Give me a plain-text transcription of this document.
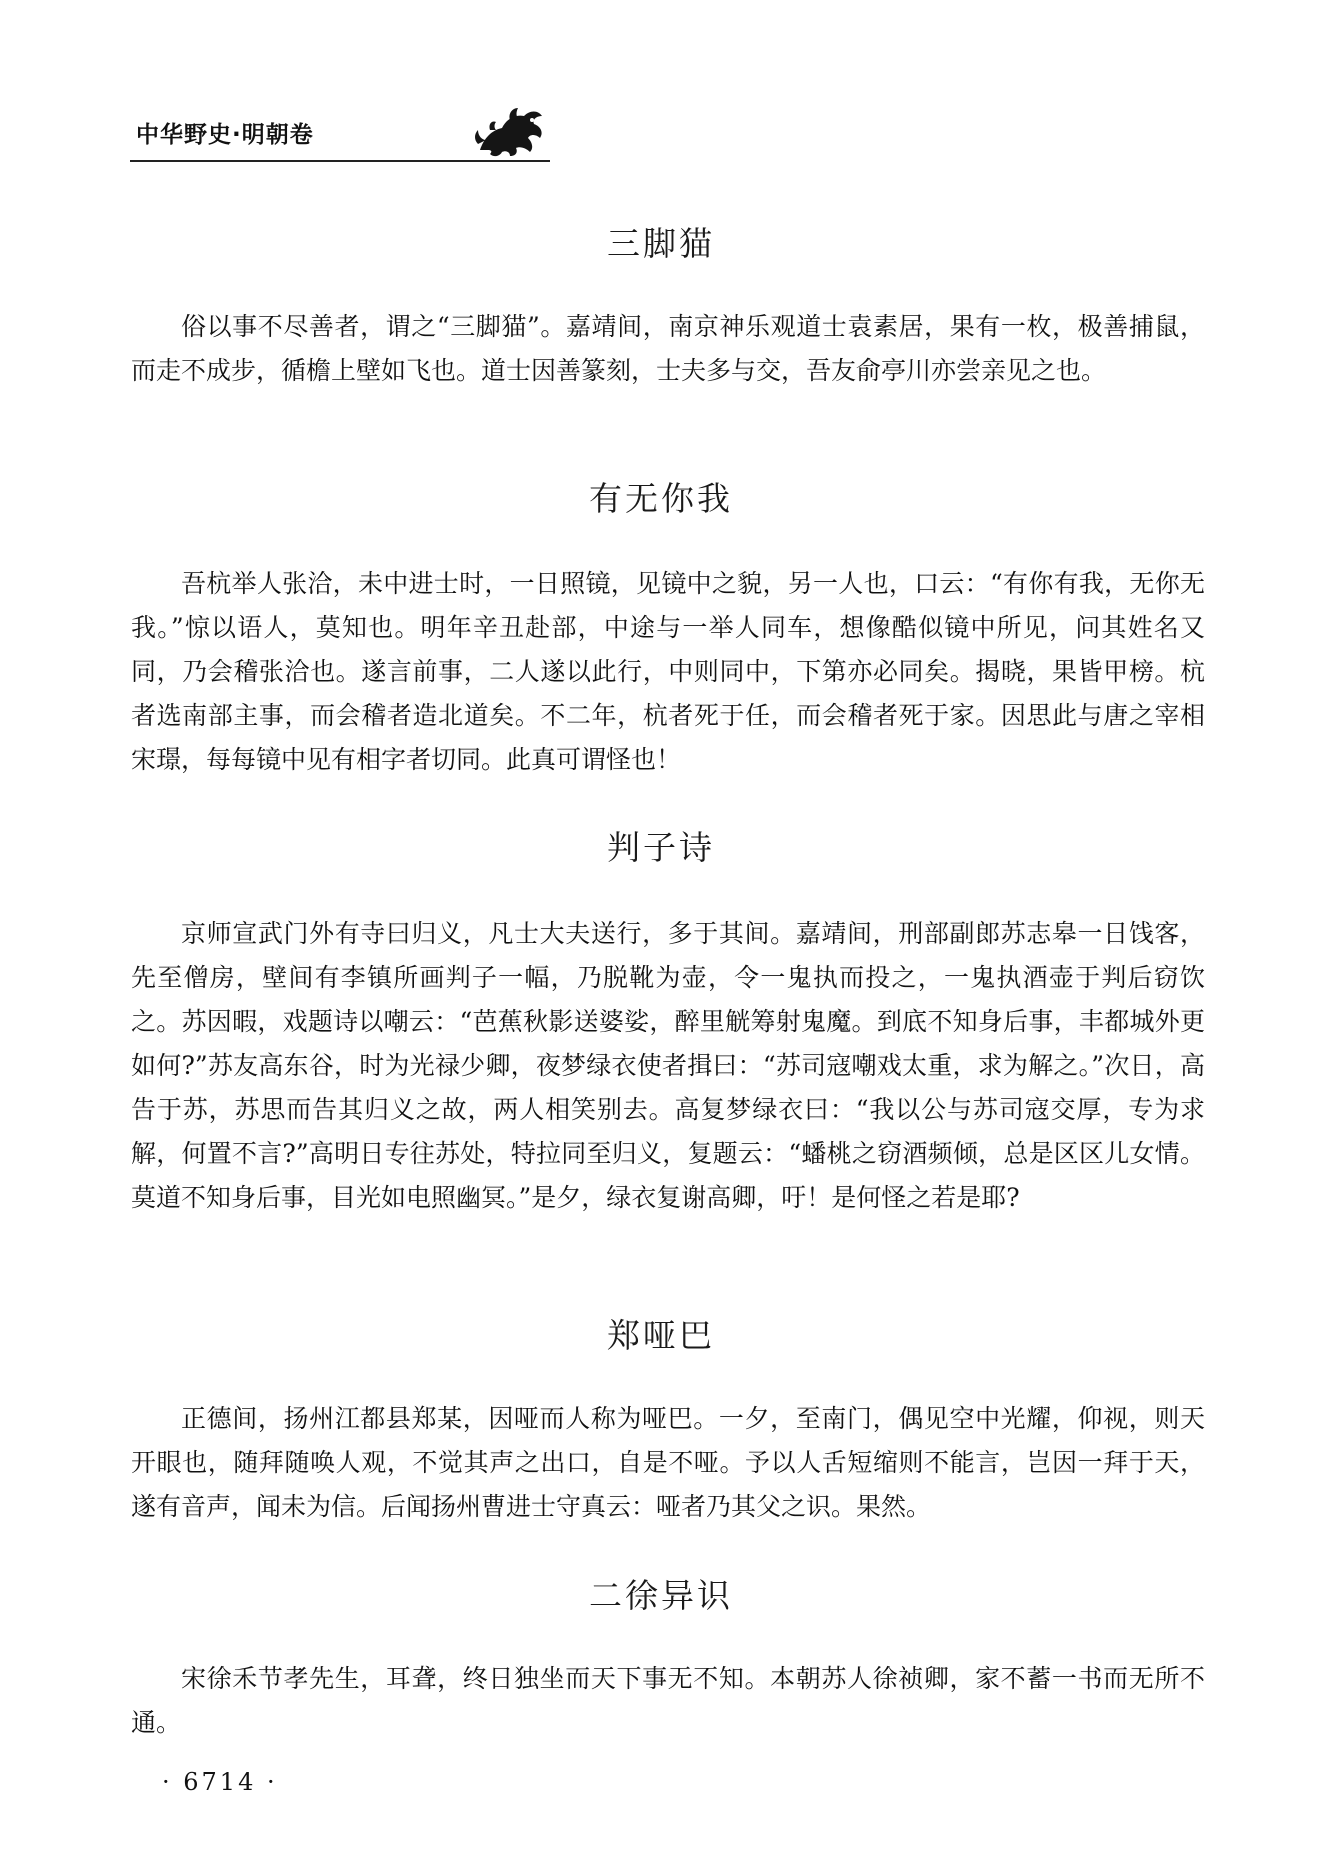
中华野史·明朝卷
三脚猫

俗以事不尽善者，谓之“三脚猫”。嘉靖间，南京神乐观道士袁素居，果有一枚，极善捕鼠，而走不成步，循檐上壁如飞也。道士因善篆刻，士夫多与交，吾友俞亭川亦尝亲见之也。

有无你我

吾杭举人张洽，未中进士时，一日照镜，见镜中之貌，另一人也，口云：“有你有我，无你无我。”惊以语人，莫知也。明年辛丑赴部，中途与一举人同车，想像酷似镜中所见，问其姓名又同，乃会稽张洽也。遂言前事，二人遂以此行，中则同中，下第亦必同矣。揭晓，果皆甲榜。杭者选南部主事，而会稽者造北道矣。不二年，杭者死于任，而会稽者死于家。因思此与唐之宰相宋璟，每每镜中见有相字者切同。此真可谓怪也！

判子诗

京师宣武门外有寺曰归义，凡士大夫送行，多于其间。嘉靖间，刑部副郎苏志皋一日饯客，先至僧房，壁间有李镇所画判子一幅，乃脱靴为壶，令一鬼执而投之，一鬼执酒壶于判后窃饮之。苏因暇，戏题诗以嘲云：“芭蕉秋影送婆娑，醉里觥筹射鬼魔。到底不知身后事，丰都城外更如何?”苏友高东谷，时为光禄少卿，夜梦绿衣使者揖曰：“苏司寇嘲戏太重，求为解之。”次日，高告于苏，苏思而告其归义之故，两人相笑别去。高复梦绿衣曰：“我以公与苏司寇交厚，专为求解，何置不言?”高明日专往苏处，特拉同至归义，复题云：“蟠桃之窃酒频倾，总是区区儿女情。莫道不知身后事，目光如电照幽冥。”是夕，绿衣复谢高卿，吁！是何怪之若是耶?

郑哑巴

正德间，扬州江都县郑某，因哑而人称为哑巴。一夕，至南门，偶见空中光耀，仰视，则天开眼也，随拜随唤人观，不觉其声之出口，自是不哑。予以人舌短缩则不能言，岂因一拜于天，遂有音声，闻未为信。后闻扬州曹进士守真云：哑者乃其父之识。果然。

二徐异识

宋徐禾节孝先生，耳聋，终日独坐而天下事无不知。本朝苏人徐祯卿，家不蓄一书而无所不通。

· 6714 ·
